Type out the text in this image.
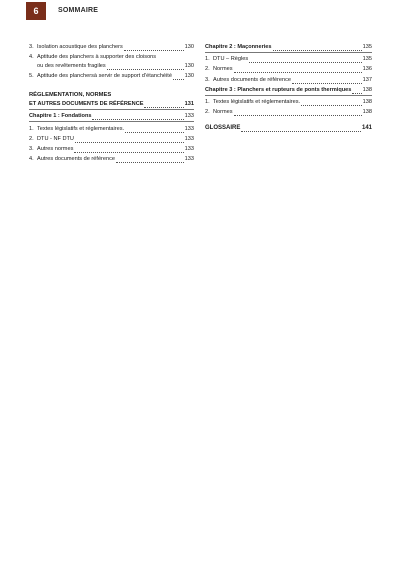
6	SOMMAIRE
3. Isolation acoustique des planchers	130
4. Aptitude des planchers à supporter des cloisons
ou des revêtements fragiles	130
5. Aptitude des planchersà servir de support d’étanchéité 130
RÉGLEMENTATION, NORMES
ET AUTRES DOCUMENTS DE RÉFÉRENCE	131
Chapitre 1 : Fondations	133
1. Textes législatifs et réglementaires.	133
2. DTU - NF DTU	133
3. Autres normes	133
4. Autres documents de référence	133
Chapitre 2 : Maçonneries	135
1. DTU – Règles	135
2. Normes	136
3. Autres documents de référence	137
Chapitre 3 : Planchers et rupteurs de ponts thermiques 138
1. Textes législatifs et réglementaires.	138
2. Normes	138
GLOSSAIRE	141
